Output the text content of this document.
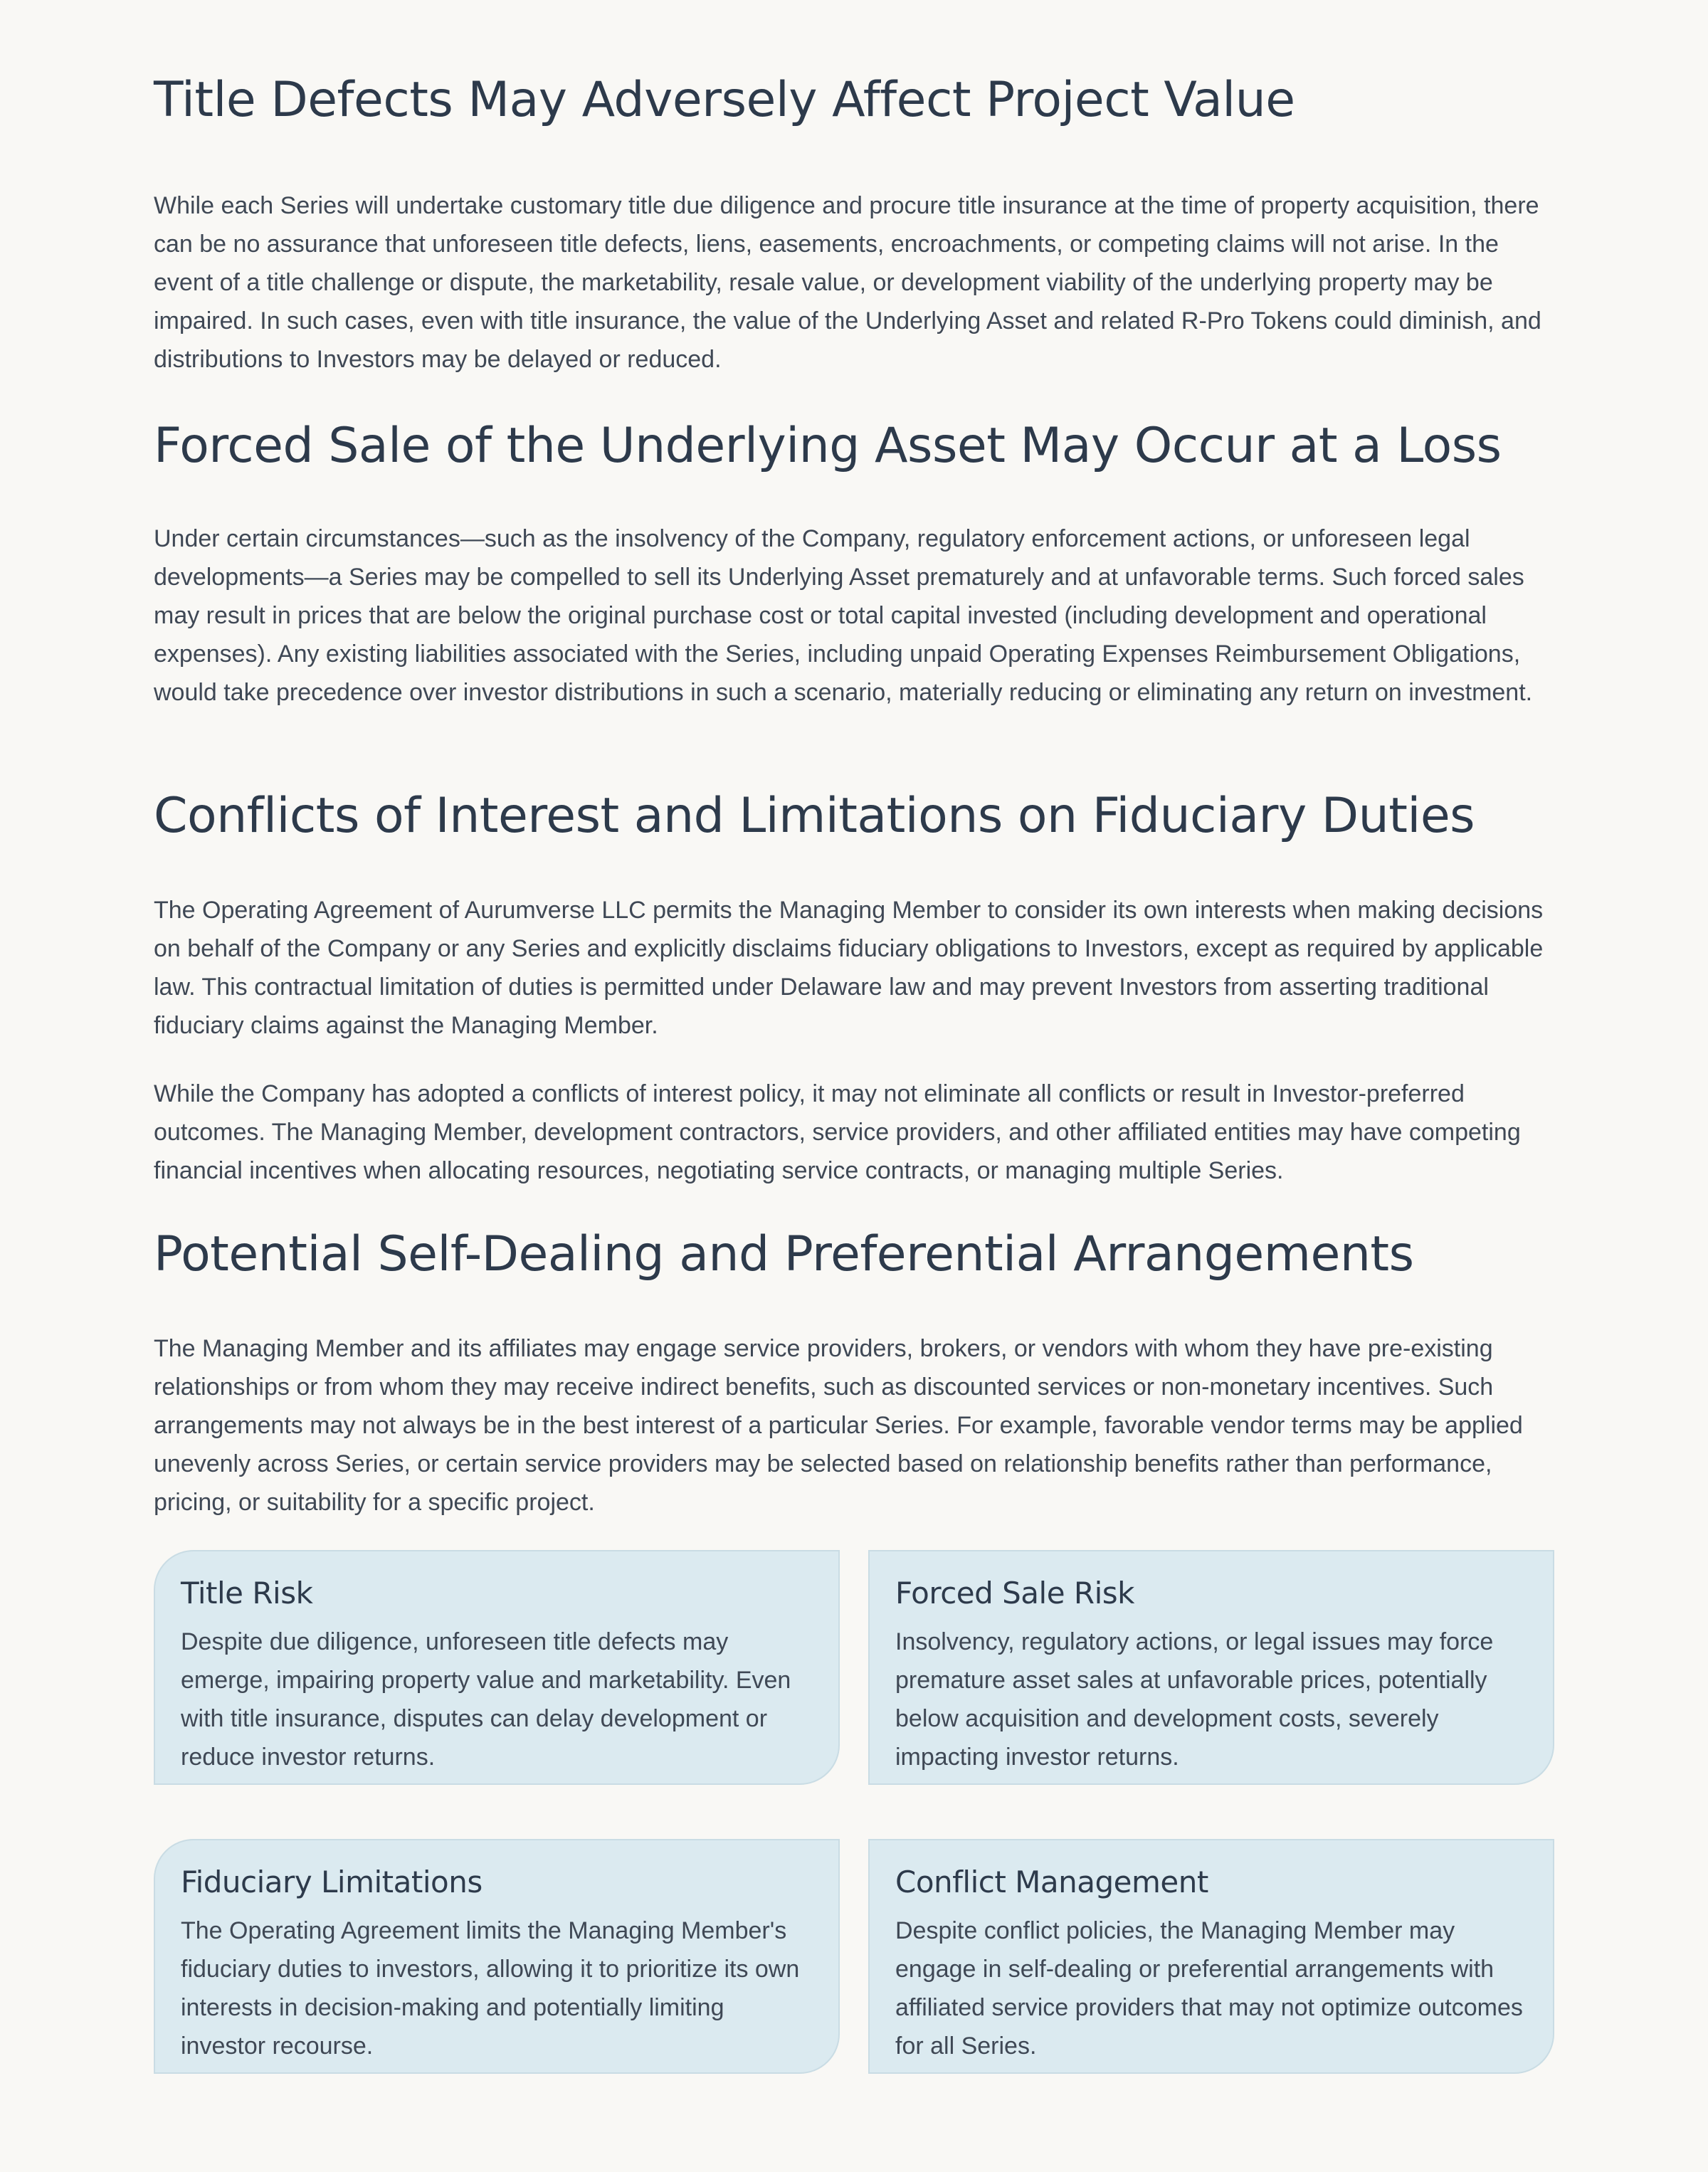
Title Defects May Adversely Affect Project Value

While each Series will undertake customary title due diligence and procure title insurance at the time of property acquisition, there can be no assurance that unforeseen title defects, liens, easements, encroachments, or competing claims will not arise. In the event of a title challenge or dispute, the marketability, resale value, or development viability of the underlying property may be impaired. In such cases, even with title insurance, the value of the Underlying Asset and related R-Pro Tokens could diminish, and distributions to Investors may be delayed or reduced.

Forced Sale of the Underlying Asset May Occur at a Loss

Under certain circumstances—such as the insolvency of the Company, regulatory enforcement actions, or unforeseen legal developments—a Series may be compelled to sell its Underlying Asset prematurely and at unfavorable terms. Such forced sales may result in prices that are below the original purchase cost or total capital invested (including development and operational expenses). Any existing liabilities associated with the Series, including unpaid Operating Expenses Reimbursement Obligations, would take precedence over investor distributions in such a scenario, materially reducing or eliminating any return on investment.

Conflicts of Interest and Limitations on Fiduciary Duties

The Operating Agreement of Aurumverse LLC permits the Managing Member to consider its own interests when making decisions on behalf of the Company or any Series and explicitly disclaims fiduciary obligations to Investors, except as required by applicable law. This contractual limitation of duties is permitted under Delaware law and may prevent Investors from asserting traditional fiduciary claims against the Managing Member.

While the Company has adopted a conflicts of interest policy, it may not eliminate all conflicts or result in Investor-preferred outcomes. The Managing Member, development contractors, service providers, and other affiliated entities may have competing financial incentives when allocating resources, negotiating service contracts, or managing multiple Series.

Potential Self-Dealing and Preferential Arrangements

The Managing Member and its affiliates may engage service providers, brokers, or vendors with whom they have pre-existing relationships or from whom they may receive indirect benefits, such as discounted services or non-monetary incentives. Such arrangements may not always be in the best interest of a particular Series. For example, favorable vendor terms may be applied unevenly across Series, or certain service providers may be selected based on relationship benefits rather than performance, pricing, or suitability for a specific project.

Title Risk
Despite due diligence, unforeseen title defects may emerge, impairing property value and marketability. Even with title insurance, disputes can delay development or reduce investor returns.
Forced Sale Risk
Insolvency, regulatory actions, or legal issues may force premature asset sales at unfavorable prices, potentially below acquisition and development costs, severely impacting investor returns.
Fiduciary Limitations
The Operating Agreement limits the Managing Member's fiduciary duties to investors, allowing it to prioritize its own interests in decision-making and potentially limiting investor recourse.
Conflict Management
Despite conflict policies, the Managing Member may engage in self-dealing or preferential arrangements with affiliated service providers that may not optimize outcomes for all Series.
